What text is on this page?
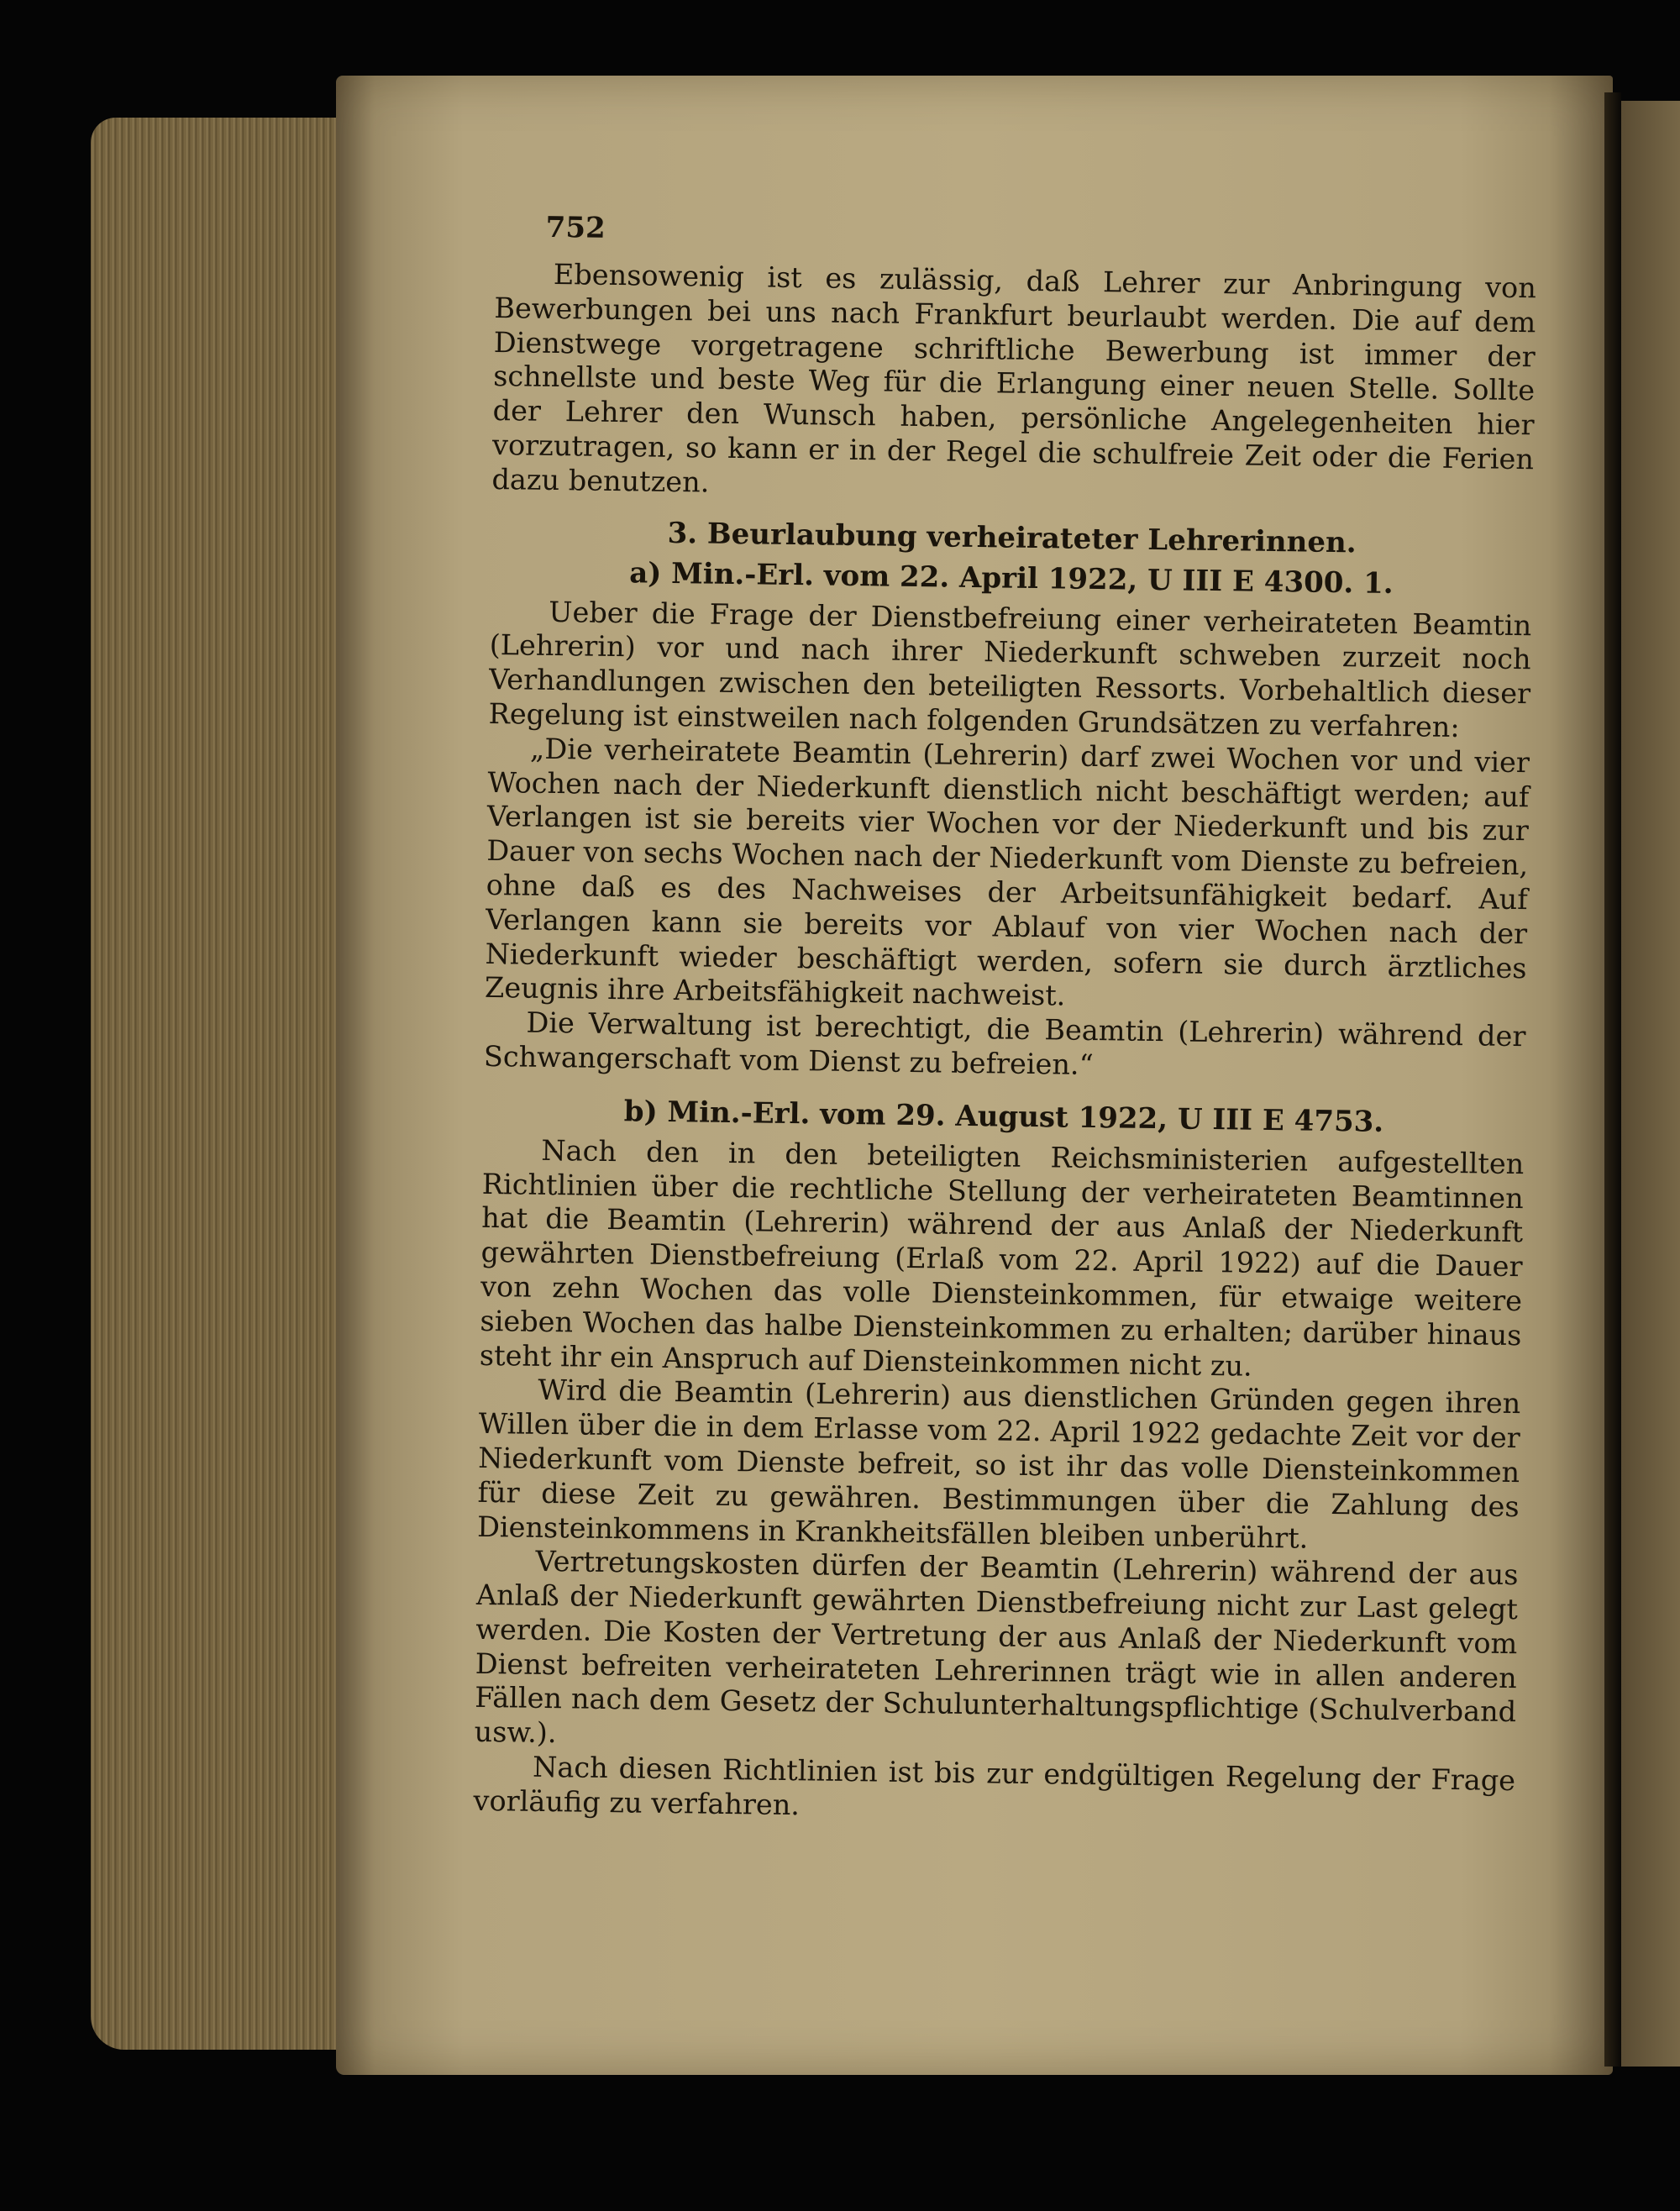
752

Ebensowenig ist es zulässig, daß Lehrer zur Anbringung von Bewerbungen bei uns nach Frankfurt beurlaubt werden. Die auf dem Dienstwege vorgetragene schriftliche Bewerbung ist immer der schnellste und beste Weg für die Erlangung einer neuen Stelle. Sollte der Lehrer den Wunsch haben, persönliche Angelegenheiten hier vorzutragen, so kann er in der Regel die schulfreie Zeit oder die Ferien dazu benutzen.

3. Beurlaubung verheirateter Lehrerinnen.
a) Min.-Erl. vom 22. April 1922, U III E 4300. 1.

Ueber die Frage der Dienstbefreiung einer verheirateten Beamtin (Lehrerin) vor und nach ihrer Niederkunft schweben zurzeit noch Verhandlungen zwischen den beteiligten Ressorts. Vorbehaltlich dieser Regelung ist einstweilen nach folgenden Grundsätzen zu verfahren:

„Die verheiratete Beamtin (Lehrerin) darf zwei Wochen vor und vier Wochen nach der Niederkunft dienstlich nicht beschäftigt werden; auf Verlangen ist sie bereits vier Wochen vor der Niederkunft und bis zur Dauer von sechs Wochen nach der Niederkunft vom Dienste zu befreien, ohne daß es des Nachweises der Arbeitsunfähigkeit bedarf. Auf Verlangen kann sie bereits vor Ablauf von vier Wochen nach der Niederkunft wieder beschäftigt werden, sofern sie durch ärztliches Zeugnis ihre Arbeitsfähigkeit nachweist.

Die Verwaltung ist berechtigt, die Beamtin (Lehrerin) während der Schwangerschaft vom Dienst zu befreien.“

b) Min.-Erl. vom 29. August 1922, U III E 4753.

Nach den in den beteiligten Reichsministerien aufgestellten Richtlinien über die rechtliche Stellung der verheirateten Beamtinnen hat die Beamtin (Lehrerin) während der aus Anlaß der Niederkunft gewährten Dienstbefreiung (Erlaß vom 22. April 1922) auf die Dauer von zehn Wochen das volle Diensteinkommen, für etwaige weitere sieben Wochen das halbe Diensteinkommen zu erhalten; darüber hinaus steht ihr ein Anspruch auf Diensteinkommen nicht zu.

Wird die Beamtin (Lehrerin) aus dienstlichen Gründen gegen ihren Willen über die in dem Erlasse vom 22. April 1922 gedachte Zeit vor der Niederkunft vom Dienste befreit, so ist ihr das volle Diensteinkommen für diese Zeit zu gewähren. Bestimmungen über die Zahlung des Diensteinkommens in Krankheitsfällen bleiben unberührt.

Vertretungskosten dürfen der Beamtin (Lehrerin) während der aus Anlaß der Niederkunft gewährten Dienstbefreiung nicht zur Last gelegt werden. Die Kosten der Vertretung der aus Anlaß der Niederkunft vom Dienst befreiten verheirateten Lehrerinnen trägt wie in allen anderen Fällen nach dem Gesetz der Schulunterhaltungspflichtige (Schulverband usw.).

Nach diesen Richtlinien ist bis zur endgültigen Regelung der Frage vorläufig zu verfahren.
